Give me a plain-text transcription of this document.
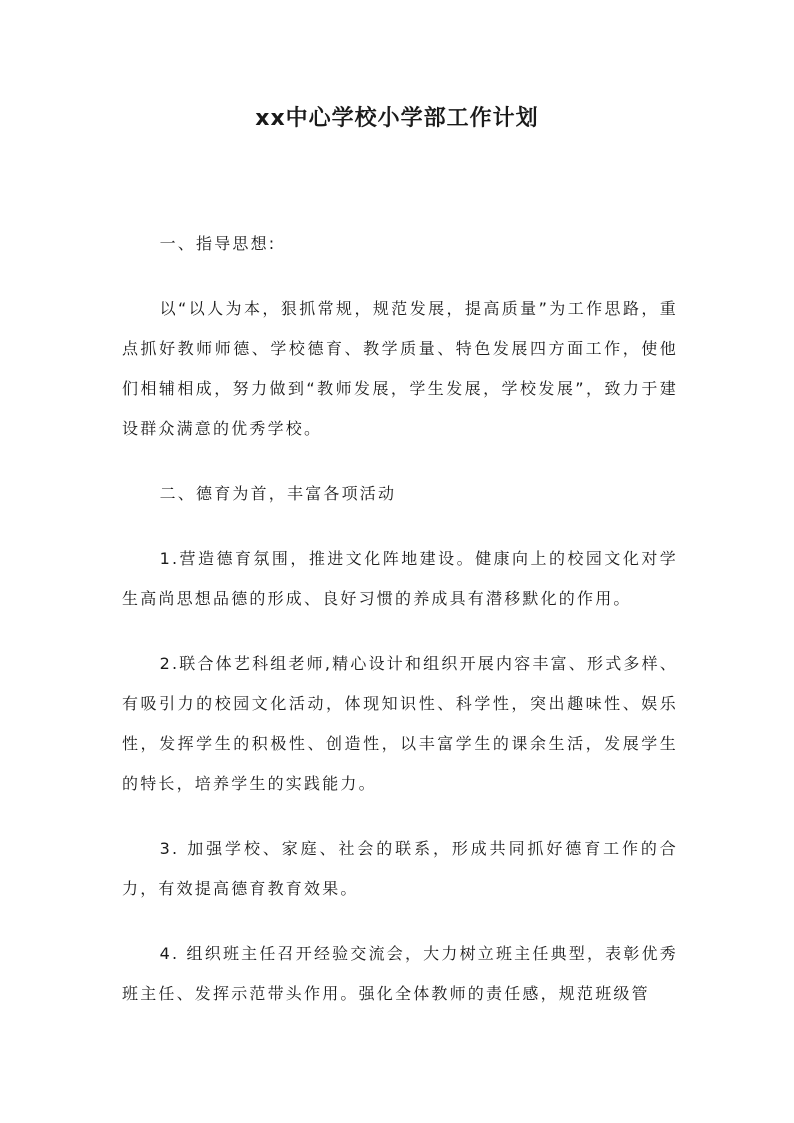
xx中心学校小学部工作计划

一、指导思想:

以“以人为本，狠抓常规，规范发展，提高质量”为工作思路，重点抓好教师师德、学校德育、教学质量、特色发展四方面工作，使他们相辅相成，努力做到“教师发展，学生发展，学校发展”，致力于建设群众满意的优秀学校。

二、德育为首，丰富各项活动

1.营造德育氛围，推进文化阵地建设。健康向上的校园文化对学生高尚思想品德的形成、良好习惯的养成具有潜移默化的作用。

2.联合体艺科组老师,精心设计和组织开展内容丰富、形式多样、有吸引力的校园文化活动，体现知识性、科学性，突出趣味性、娱乐性，发挥学生的积极性、创造性，以丰富学生的课余生活，发展学生的特长，培养学生的实践能力。

3. 加强学校、家庭、社会的联系，形成共同抓好德育工作的合力，有效提高德育教育效果。

4. 组织班主任召开经验交流会，大力树立班主任典型，表彰优秀班主任、发挥示范带头作用。强化全体教师的责任感，规范班级管
